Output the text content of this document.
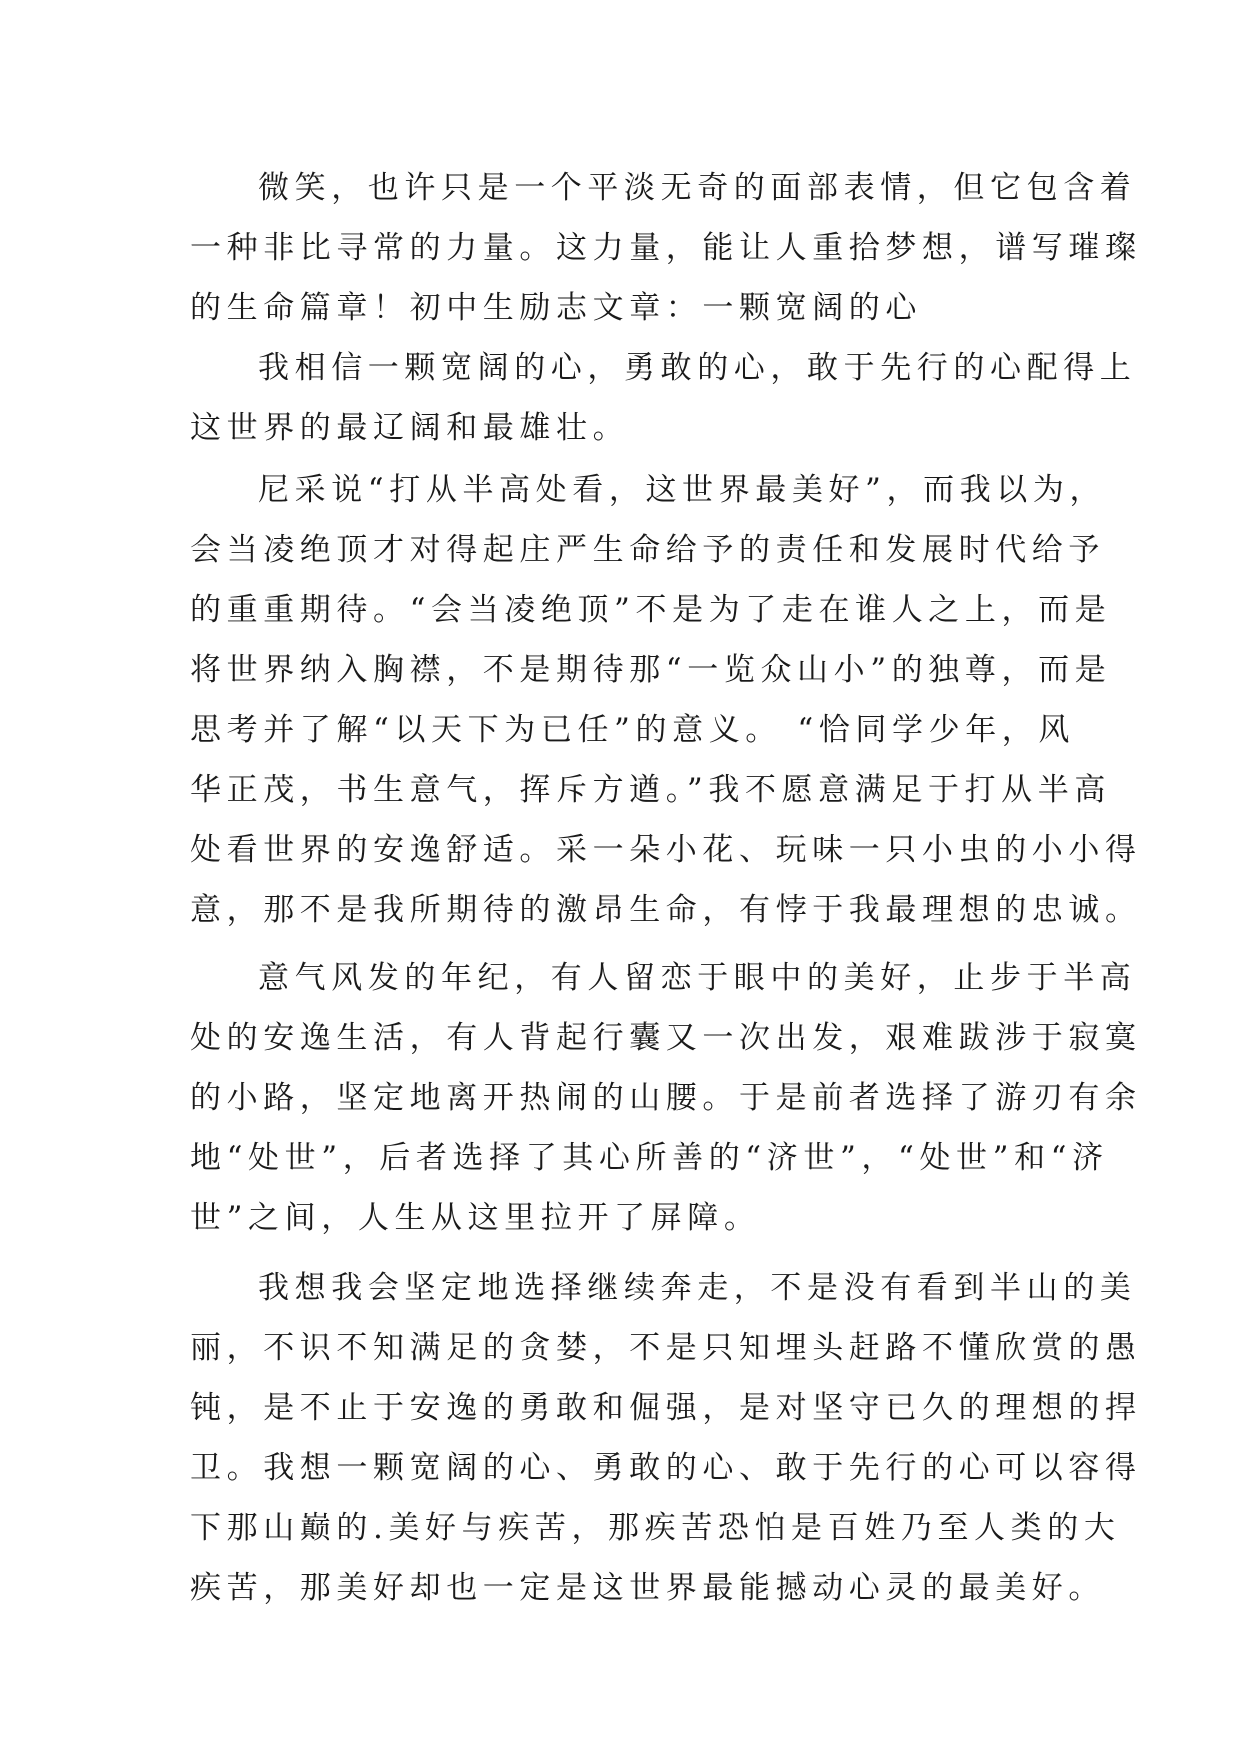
微笑，也许只是一个平淡无奇的面部表情，但它包含着
一种非比寻常的力量。这力量，能让人重拾梦想，谱写璀璨
的生命篇章！初中生励志文章：一颗宽阔的心
我相信一颗宽阔的心，勇敢的心，敢于先行的心配得上
这世界的最辽阔和最雄壮。
尼采说“打从半高处看，这世界最美好”，而我以为，
会当凌绝顶才对得起庄严生命给予的责任和发展时代给予
的重重期待。“会当凌绝顶”不是为了走在谁人之上，而是
将世界纳入胸襟，不是期待那“一览众山小”的独尊，而是
思考并了解“以天下为已任”的意义。 “恰同学少年，风
华正茂，书生意气，挥斥方遒。”我不愿意满足于打从半高
处看世界的安逸舒适。采一朵小花、玩味一只小虫的小小得
意，那不是我所期待的激昂生命，有悖于我最理想的忠诚。
意气风发的年纪，有人留恋于眼中的美好，止步于半高
处的安逸生活，有人背起行囊又一次出发，艰难跋涉于寂寞
的小路，坚定地离开热闹的山腰。于是前者选择了游刃有余
地“处世”，后者选择了其心所善的“济世”，“处世”和“济
世”之间，人生从这里拉开了屏障。
我想我会坚定地选择继续奔走，不是没有看到半山的美
丽，不识不知满足的贪婪，不是只知埋头赶路不懂欣赏的愚
钝，是不止于安逸的勇敢和倔强，是对坚守已久的理想的捍
卫。我想一颗宽阔的心、勇敢的心、敢于先行的心可以容得
下那山巅的.美好与疾苦，那疾苦恐怕是百姓乃至人类的大
疾苦，那美好却也一定是这世界最能撼动心灵的最美好。
